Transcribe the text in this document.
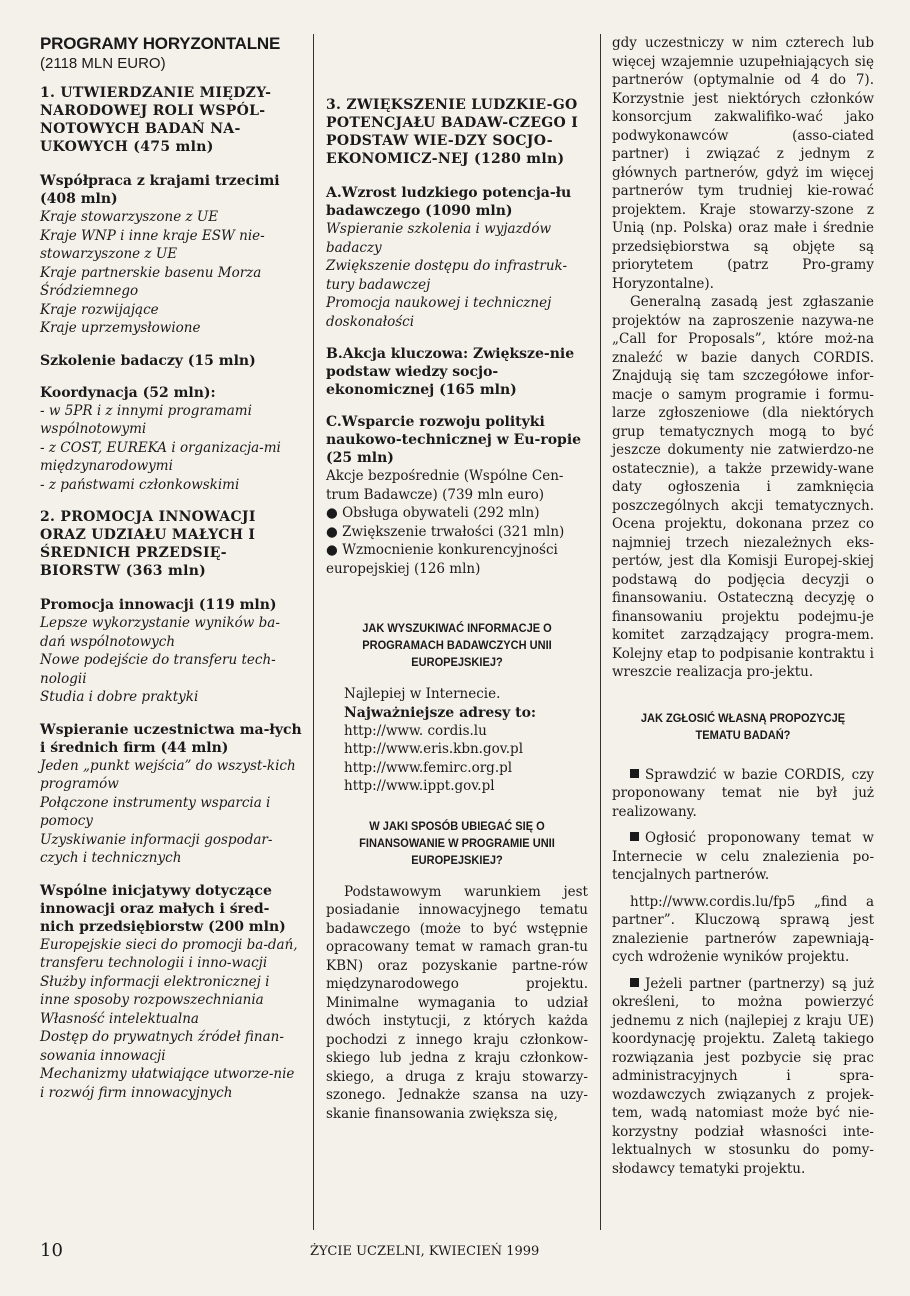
PROGRAMY HORYZONTALNE

(2118 MLN EURO)

1. UTWIERDZANIE MIĘDZY-NARODOWEJ ROLI WSPÓL-NOTOWYCH BADAŃ NA-UKOWYCH (475 mln)

Współpraca z krajami trzecimi (408 mln)

Kraje stowarzyszone z UE

Kraje WNP i inne kraje ESW nie-stowarzyszone z UE

Kraje partnerskie basenu Morza Śródziemnego

Kraje rozwijające

Kraje uprzemysłowione

Szkolenie badaczy (15 mln)

Koordynacja (52 mln):

- w 5PR i z innymi programami wspólnotowymi

- z COST, EUREKA i organizacja-mi międzynarodowymi

- z państwami członkowskimi

2. PROMOCJA INNOWACJI ORAZ UDZIAŁU MAŁYCH I ŚREDNICH PRZEDSIĘ-BIORSTW (363 mln)

Promocja innowacji (119 mln)

Lepsze wykorzystanie wyników ba-dań wspólnotowych

Nowe podejście do transferu tech-nologii

Studia i dobre praktyki

Wspieranie uczestnictwa ma-łych i średnich firm (44 mln)

Jeden „punkt wejścia” do wszyst-kich programów

Połączone instrumenty wsparcia i pomocy

Uzyskiwanie informacji gospodar-czych i technicznych

Wspólne inicjatywy dotyczące innowacji oraz małych i śred-nich przedsiębiorstw (200 mln)

Europejskie sieci do promocji ba-dań, transferu technologii i inno-wacji

Służby informacji elektronicznej i inne sposoby rozpowszechniania

Własność intelektualna

Dostęp do prywatnych źródeł finan-sowania innowacji

Mechanizmy ułatwiające utworze-nie i rozwój firm innowacyjnych

3. ZWIĘKSZENIE LUDZKIE-GO POTENCJAŁU BADAW-CZEGO I PODSTAW WIE-DZY SOCJO-EKONOMICZ-NEJ (1280 mln)

A.Wzrost ludzkiego potencja-łu badawczego (1090 mln)

Wspieranie szkolenia i wyjazdów badaczy

Zwiększenie dostępu do infrastruk-tury badawczej

Promocja naukowej i technicznej doskonałości

B.Akcja kluczowa: Zwiększe-nie podstaw wiedzy socjo-ekonomicznej (165 mln)

C.Wsparcie rozwoju polityki naukowo-technicznej w Eu-ropie (25 mln)

Akcje bezpośrednie (Wspólne Cen-trum Badawcze) (739 mln euro)

● Obsługa obywateli (292 mln)

● Zwiększenie trwałości (321 mln)

● Wzmocnienie konkurencyjności europejskiej (126 mln)

JAK WYSZUKIWAĆ INFORMACJE O PROGRAMACH BADAWCZYCH UNII EUROPEJSKIEJ?

Najlepiej w Internecie.

Najważniejsze adresy to:

http://www. cordis.lu

http://www.eris.kbn.gov.pl

http://www.femirc.org.pl

http://www.ippt.gov.pl

W JAKI SPOSÓB UBIEGAĆ SIĘ O FINANSOWANIE W PROGRAMIE UNII EUROPEJSKIEJ?

Podstawowym warunkiem jest posiadanie innowacyjnego tematu badawczego (może to być wstępnie opracowany temat w ramach gran-tu KBN) oraz pozyskanie partne-rów międzynarodowego projektu. Minimalne wymagania to udział dwóch instytucji, z których każda pochodzi z innego kraju członkow-skiego lub jedna z kraju członkow-skiego, a druga z kraju stowarzy-szonego. Jednakże szansa na uzy-skanie finansowania zwiększa się,

gdy uczestniczy w nim czterech lub więcej wzajemnie uzupełniających się partnerów (optymalnie od 4 do 7). Korzystnie jest niektórych członków konsorcjum zakwalifiko-wać jako podwykonawców (asso-ciated partner) i związać z jednym z głównych partnerów, gdyż im więcej partnerów tym trudniej kie-rować projektem. Kraje stowarzy-szone z Unią (np. Polska) oraz małe i średnie przedsiębiorstwa są objęte są priorytetem (patrz Pro-gramy Horyzontalne).

Generalną zasadą jest zgłaszanie projektów na zaproszenie nazywa-ne „Call for Proposals”, które moż-na znaleźć w bazie danych CORDIS. Znajdują się tam szczegółowe infor-macje o samym programie i formu-larze zgłoszeniowe (dla niektórych grup tematycznych mogą to być jeszcze dokumenty nie zatwierdzo-ne ostatecznie), a także przewidy-wane daty ogłoszenia i zamknięcia poszczególnych akcji tematycznych. Ocena projektu, dokonana przez co najmniej trzech niezależnych eks-pertów, jest dla Komisji Europej-skiej podstawą do podjęcia decyzji o finansowaniu. Ostateczną decyzję o finansowaniu projektu podejmu-je komitet zarządzający progra-mem. Kolejny etap to podpisanie kontraktu i wreszcie realizacja pro-jektu.

JAK ZGŁOSIĆ WŁASNĄ PROPOZYCJĘ TEMATU BADAŃ?

Sprawdzić w bazie CORDIS, czy proponowany temat nie był już realizowany.

Ogłosić proponowany temat w Internecie w celu znalezienia po-tencjalnych partnerów.

http://www.cordis.lu/fp5 „find a partner”. Kluczową sprawą jest znalezienie partnerów zapewniają-cych wdrożenie wyników projektu.

Jeżeli partner (partnerzy) są już określeni, to można powierzyć jednemu z nich (najlepiej z kraju UE) koordynację projektu. Zaletą takiego rozwiązania jest pozbycie się prac administracyjnych i spra-wozdawczych związanych z projek-tem, wadą natomiast może być nie-korzystny podział własności inte-lektualnych w stosunku do pomy-słodawcy tematyki projektu.

10	ŻYCIE UCZELNI, KWIECIEŃ 1999
